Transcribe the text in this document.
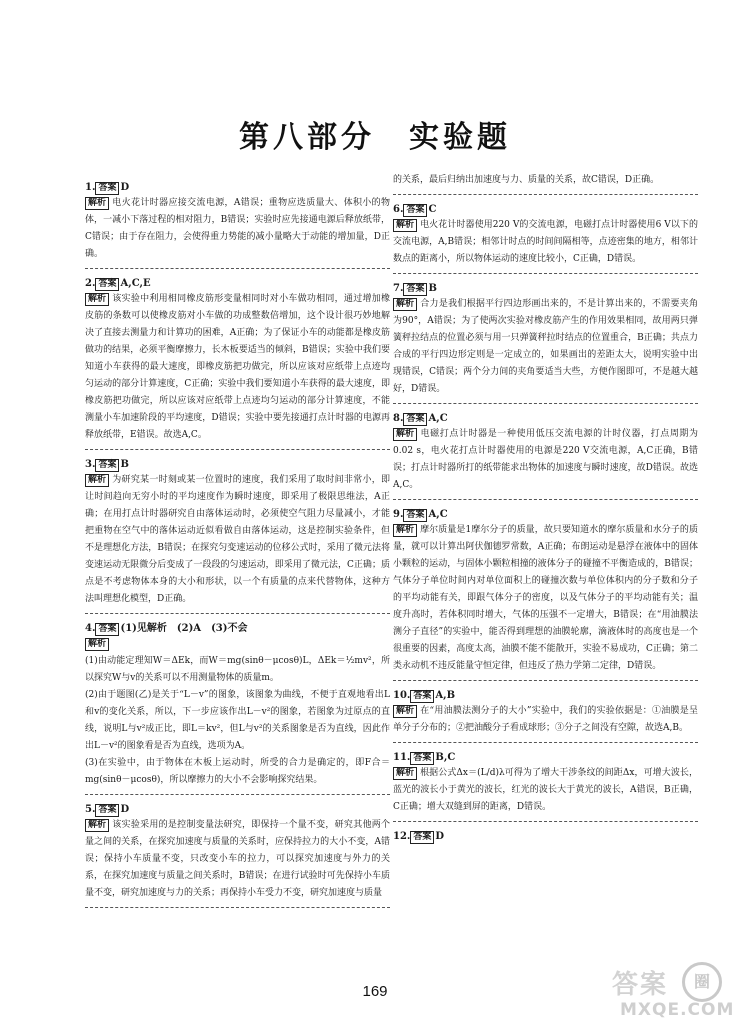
第八部分　实验题

1. 答案 D

解析 电火花计时器应接交流电源，A错误；重物应选质量大、体积小的物体，一减小下落过程的相对阻力，B错误；实验时应先接通电源后释放纸带，C错误；由于存在阻力，会使得重力势能的减小量略大于动能的增加量，D正确。

2. 答案 A,C,E

解析 该实验中利用相同橡皮筋形变量相同时对小车做功相同，通过增加橡皮筋的条数可以使橡皮筋对小车做的功成整数倍增加，这个设计很巧妙地解决了直接去测量力和计算功的困难，A正确；为了保证小车的动能都是橡皮筋做功的结果，必须平衡摩擦力，长木板要适当的倾斜，B错误；实验中我们要知道小车获得的最大速度，即橡皮筋把功做完，所以应该对应纸带上点迹均匀运动的部分计算速度，C正确；实验中我们要知道小车获得的最大速度，即橡皮筋把功做完，所以应该对应纸带上点迹均匀运动的部分计算速度，不能测量小车加速阶段的平均速度，D错误；实验中要先接通打点计时器的电源再释放纸带，E错误。故选A,C。

3. 答案 B

解析 为研究某一时刻或某一位置时的速度，我们采用了取时间非常小，即让时间趋向无穷小时的平均速度作为瞬时速度，即采用了极限思维法，A正确；在用打点计时器研究自由落体运动时，必须使空气阻力尽量减小，才能把重物在空气中的落体运动近似看做自由落体运动，这是控制实验条件，但不是理想化方法，B错误；在探究匀变速运动的位移公式时，采用了微元法将变速运动无限微分后变成了一段段的匀速运动，即采用了微元法，C正确；质点是不考虑物体本身的大小和形状，以一个有质量的点来代替物体，这种方法叫理想化模型，D正确。

4. 答案 (1)见解析　(2)A　(3)不会

解析

(1)由动能定理知W＝ΔEk，而W＝mg(sinθ－μcosθ)L，ΔEk＝½mv²，所以探究W与v的关系可以不用测量物体的质量m。

(2)由于题图(乙)是关于“L－v”的图象，该图象为曲线，不便于直观地看出L和v的变化关系，所以，下一步应该作出L－v²的图象，若图象为过原点的直线，说明L与v²成正比，即L＝kv²，但L与v²的关系图象是否为直线，因此作出L－v²的图象看是否为直线，选项为A。

(3)在实验中，由于物体在木板上运动时，所受的合力是确定的，即F合＝mg(sinθ－μcosθ)，所以摩擦力的大小不会影响探究结果。

5. 答案 D

解析 该实验采用的是控制变量法研究，即保持一个量不变，研究其他两个量之间的关系，在探究加速度与质量的关系时，应保持拉力的大小不变，A错误；保持小车质量不变，只改变小车的拉力，可以探究加速度与外力的关系，在探究加速度与质量之间关系时，B错误；在进行试验时可先保持小车质量不变，研究加速度与力的关系；再保持小车受力不变，研究加速度与质量

的关系，最后归纳出加速度与力、质量的关系，故C错误，D正确。

6. 答案 C

解析 电火花计时器使用220 V的交流电源，电磁打点计时器使用6 V以下的交流电源，A,B错误；相邻计时点的时间间隔相等，点迹密集的地方，相邻计数点的距离小，所以物体运动的速度比较小，C正确，D错误。

7. 答案 B

解析 合力是我们根据平行四边形画出来的，不是计算出来的，不需要夹角为90°，A错误；为了使两次实验对橡皮筋产生的作用效果相同，故用两只弹簧秤拉结点的位置必须与用一只弹簧秤拉时结点的位置重合，B正确；共点力合成的平行四边形定则是一定成立的，如果画出的差距太大，说明实验中出现错误，C错误；两个分力间的夹角要适当大些，方便作图即可，不是越大越好，D错误。

8. 答案 A,C

解析 电磁打点计时器是一种使用低压交流电源的计时仪器，打点周期为0.02 s，电火花打点计时器使用的电源是220 V交流电源，A,C正确，B错误；打点计时器所打的纸带能求出物体的加速度与瞬时速度，故D错误。故选A,C。

9. 答案 A,C

解析 摩尔质量是1摩尔分子的质量，故只要知道水的摩尔质量和水分子的质量，就可以计算出阿伏伽德罗常数，A正确；布朗运动是悬浮在液体中的固体小颗粒的运动，与固体小颗粒相撞的液体分子的碰撞不平衡造成的，B错误；气体分子单位时间内对单位面积上的碰撞次数与单位体积内的分子数和分子的平均动能有关，即跟气体分子的密度，以及气体分子的平均动能有关；温度升高时，若体积同时增大，气体的压强不一定增大，B错误；在“用油膜法测分子直径”的实验中，能否得到理想的油膜轮廓，滴液体时的高度也是一个很重要的因素，高度太高，油膜不能不能散开，实验不易成功，C正确；第二类永动机不违反能量守恒定律，但违反了热力学第二定律，D错误。

10. 答案 A,B

解析 在“用油膜法测分子的大小”实验中，我们的实验依据是：①油膜是呈单分子分布的；②把油酸分子看成球形；③分子之间没有空隙，故选A,B。

11. 答案 B,C

解析 根据公式Δx＝(L/d)λ可得为了增大干涉条纹的间距Δx，可增大波长，蓝光的波长小于黄光的波长，红光的波长大于黄光的波长，A错误，B正确，C正确；增大双缝到屏的距离，D错误。

12. 答案 D

169	答案	圈
MXQE.COM
